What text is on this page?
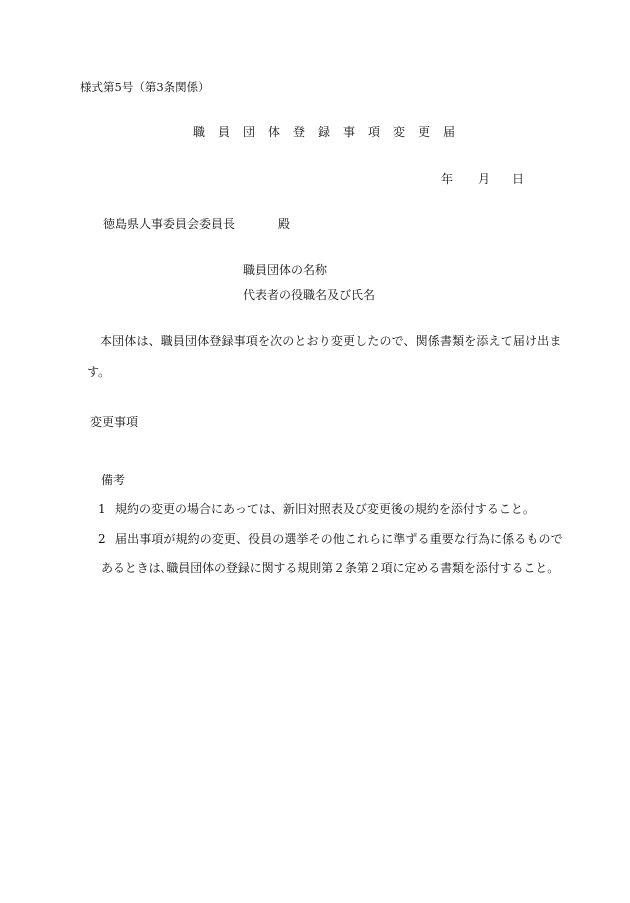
様式第5号（第3条関係）
職員団体登録事項変更届
年 月 日
徳島県人事委員会委員長	殿
職員団体の名称
代表者の役職名及び氏名
本団体は、職員団体登録事項を次のとおり変更したので、関係書類を添えて届け出ま
す。
変更事項
備考
1 規約の変更の場合にあっては、新旧対照表及び変更後の規約を添付すること。
2 届出事項が規約の変更、役員の選挙その他これらに準ずる重要な行為に係るもので
あるときは､職員団体の登録に関する規則第２条第２項に定める書類を添付すること。
